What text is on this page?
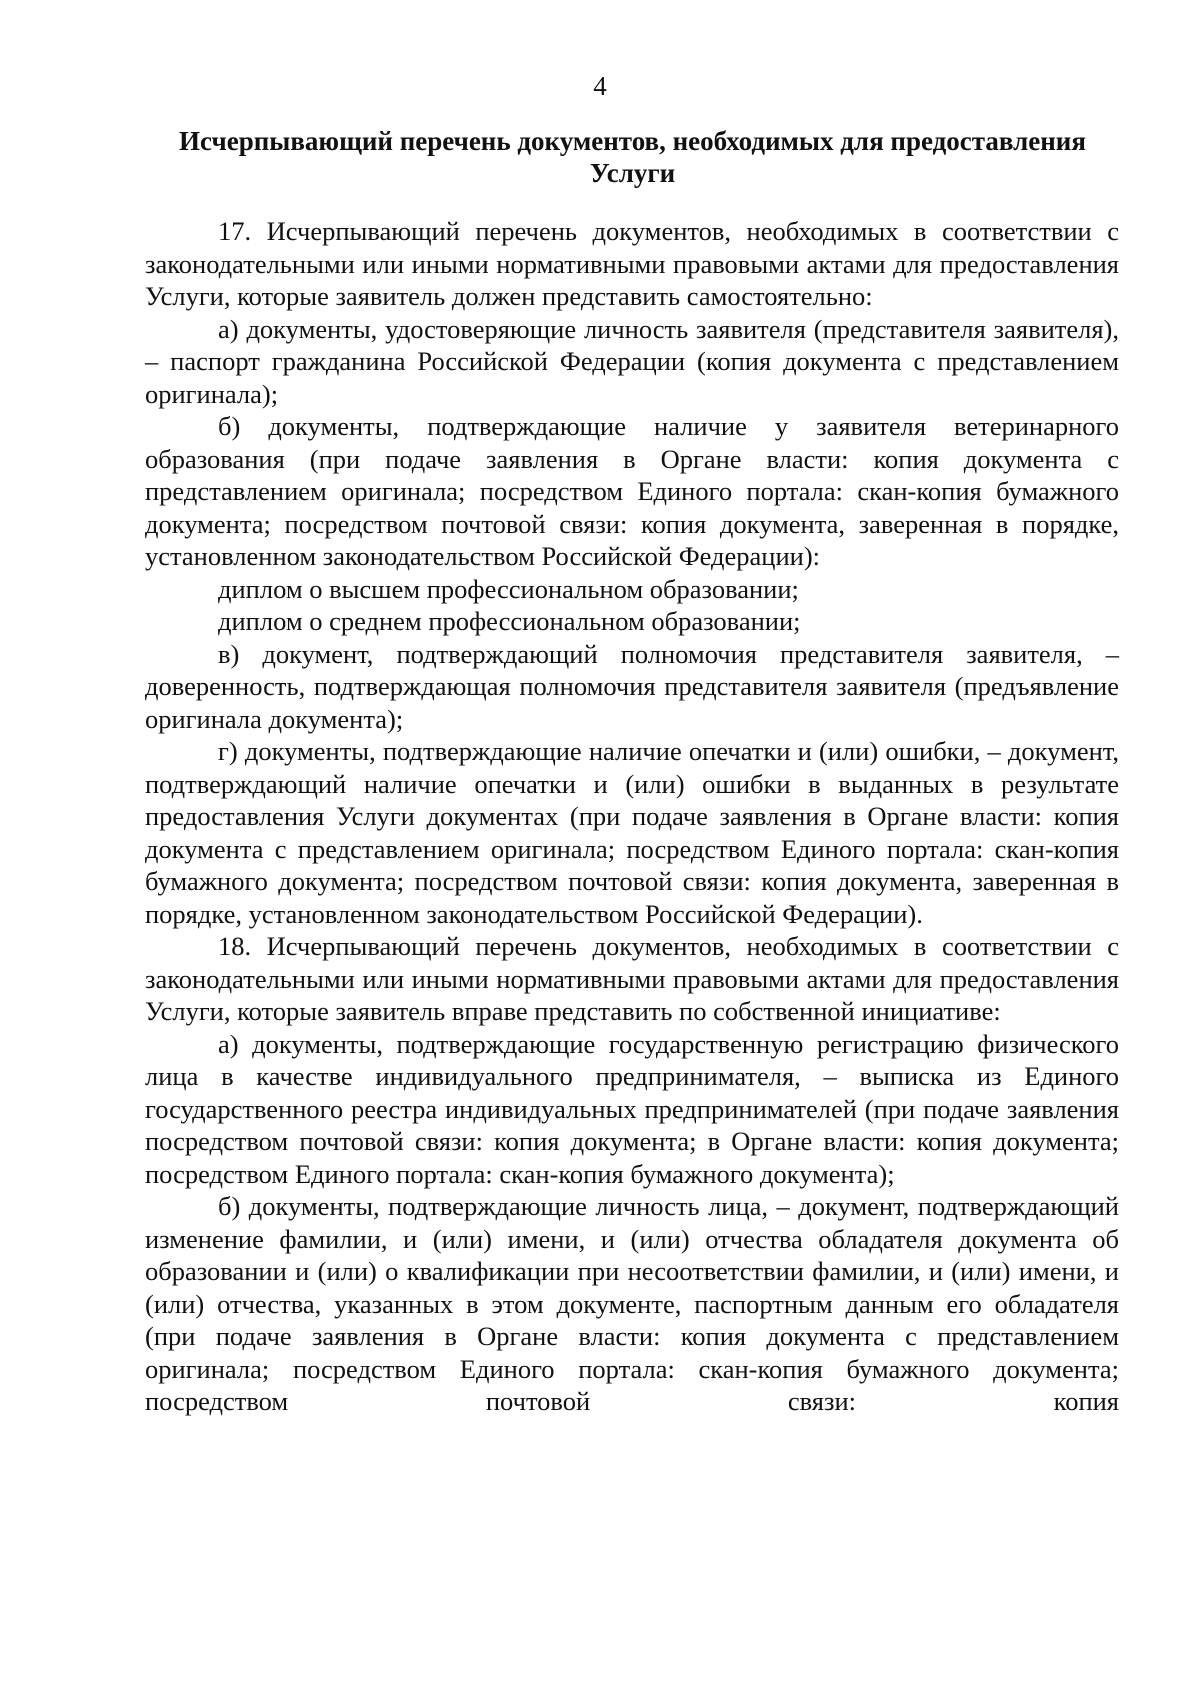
4
Исчерпывающий перечень документов, необходимых для предоставления Услуги

17. Исчерпывающий перечень документов, необходимых в соответствии с законодательными или иными нормативными правовыми актами для предоставления Услуги, которые заявитель должен представить самостоятельно:

а) документы, удостоверяющие личность заявителя (представителя заявителя), – паспорт гражданина Российской Федерации (копия документа с представлением оригинала);

б) документы, подтверждающие наличие у заявителя ветеринарного образования (при подаче заявления в Органе власти: копия документа с представлением оригинала; посредством Единого портала: скан-копия бумажного документа; посредством почтовой связи: копия документа, заверенная в порядке, установленном законодательством Российской Федерации):

диплом о высшем профессиональном образовании;

диплом о среднем профессиональном образовании;

в) документ, подтверждающий полномочия представителя заявителя, – доверенность, подтверждающая полномочия представителя заявителя (предъявление оригинала документа);

г) документы, подтверждающие наличие опечатки и (или) ошибки, – документ, подтверждающий наличие опечатки и (или) ошибки в выданных в результате предоставления Услуги документах (при подаче заявления в Органе власти: копия документа с представлением оригинала; посредством Единого портала: скан-копия бумажного документа; посредством почтовой связи: копия документа, заверенная в порядке, установленном законодательством Российской Федерации).

18. Исчерпывающий перечень документов, необходимых в соответствии с законодательными или иными нормативными правовыми актами для предоставления Услуги, которые заявитель вправе представить по собственной инициативе:

а) документы, подтверждающие государственную регистрацию физического лица в качестве индивидуального предпринимателя, – выписка из Единого государственного реестра индивидуальных предпринимателей (при подаче заявления посредством почтовой связи: копия документа; в Органе власти: копия документа; посредством Единого портала: скан-копия бумажного документа);

б) документы, подтверждающие личность лица, – документ, подтверждающий изменение фамилии, и (или) имени, и (или) отчества обладателя документа об образовании и (или) о квалификации при несоответствии фамилии, и (или) имени, и (или) отчества, указанных в этом документе, паспортным данным его обладателя (при подаче заявления в Органе власти: копия документа с представлением оригинала; посредством Единого портала: скан-копия бумажного документа; посредством почтовой связи: копия
